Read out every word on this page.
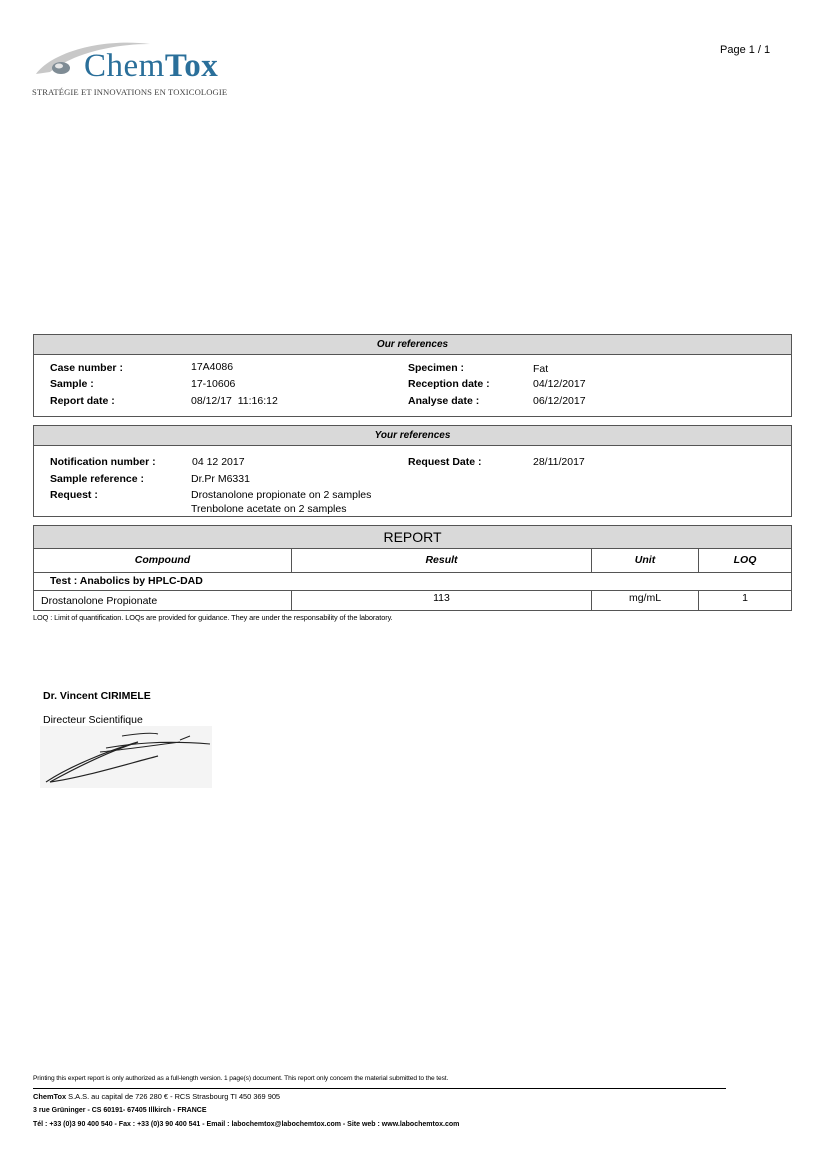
ChemTox
STRATÉGIE ET INNOVATIONS EN TOXICOLOGIE
Page 1 / 1
Our references
Case number :	17A4086
Sample :	17-10606
Report date :	08/12/17  11:16:12
Specimen :	Fat
Reception date :	04/12/2017
Analyse date :	06/12/2017
Your references
Notification number :	04 12 2017
Sample reference :	Dr.Pr M6331
Request :	Drostanolone propionate on 2 samples
Trenbolone acetate on 2 samples
Request Date :	28/11/2017
REPORT
Compound	Result	Unit	LOQ
Test : Anabolics by HPLC-DAD
Drostanolone Propionate	113	mg/mL	1
LOQ : Limit of quantification. LOQs are provided for guidance. They are under the responsability of the laboratory.
Dr. Vincent CIRIMELE
Directeur Scientifique
Printing this expert report is only authorized as a full-length version. 1 page(s) document. This report only concern the material submitted to the test.
ChemTox S.A.S. au capital de 726 280 € - RCS Strasbourg TI 450 369 905
3 rue Grüninger - CS 60191- 67405 Illkirch - FRANCE
Tél : +33 (0)3 90 400 540 - Fax : +33 (0)3 90 400 541 - Email : labochemtox@labochemtox.com - Site web : www.labochemtox.com
